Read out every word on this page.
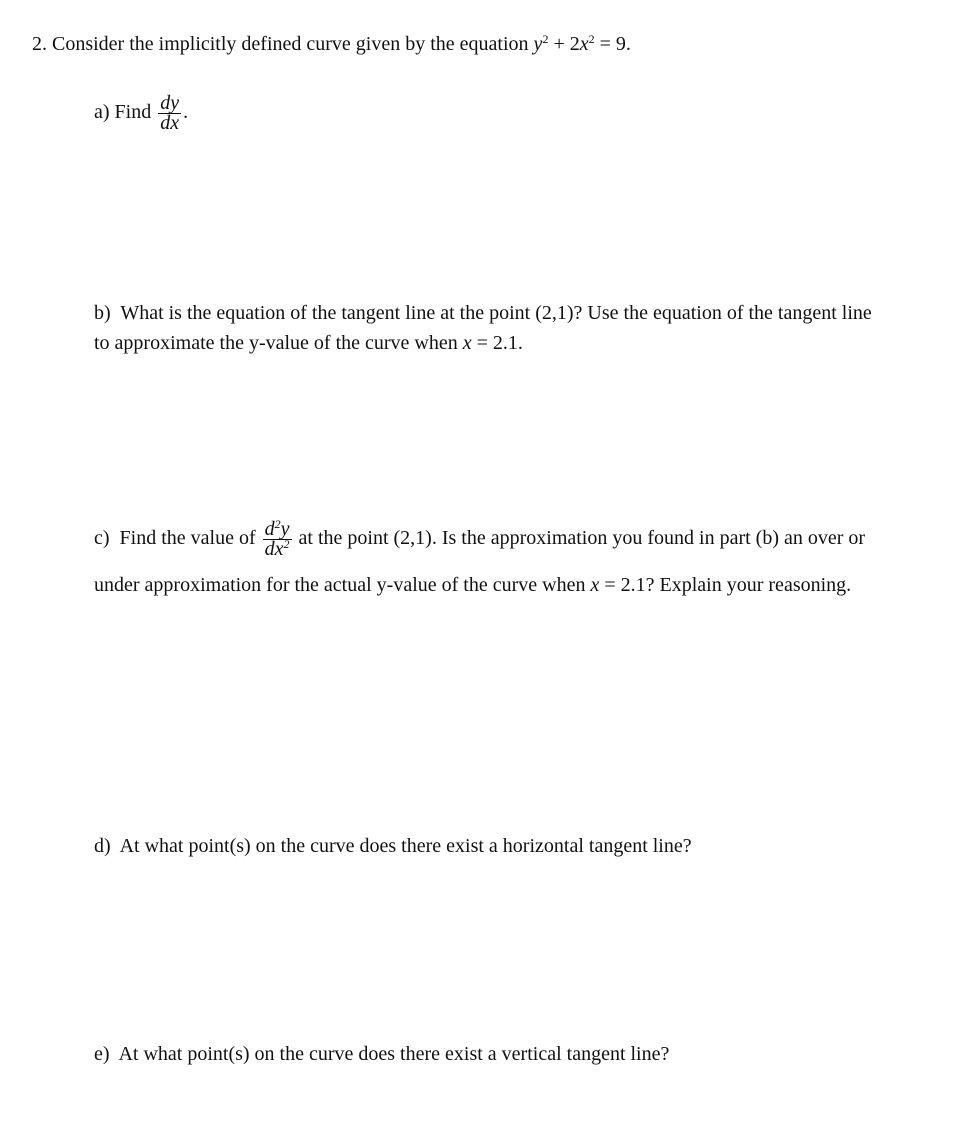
2. Consider the implicitly defined curve given by the equation $y^2 + 2x^2 = 9$.
a) Find $\frac{dy}{dx}$ .
b) What is the equation of the tangent line at the point (2,1)? Use the equation of the tangent line
to approximate the y-value of the curve when x = 2.1.
c) Find the value of $\frac{d^2y}{dx^2}$ at the point (2,1). Is the approximation you found in part (b) an over or
under approximation for the actual y-value of the curve when x = 2.1? Explain your reasoning.
d) At what point(s) on the curve does there exist a horizontal tangent line?
e) At what point(s) on the curve does there exist a vertical tangent line?
